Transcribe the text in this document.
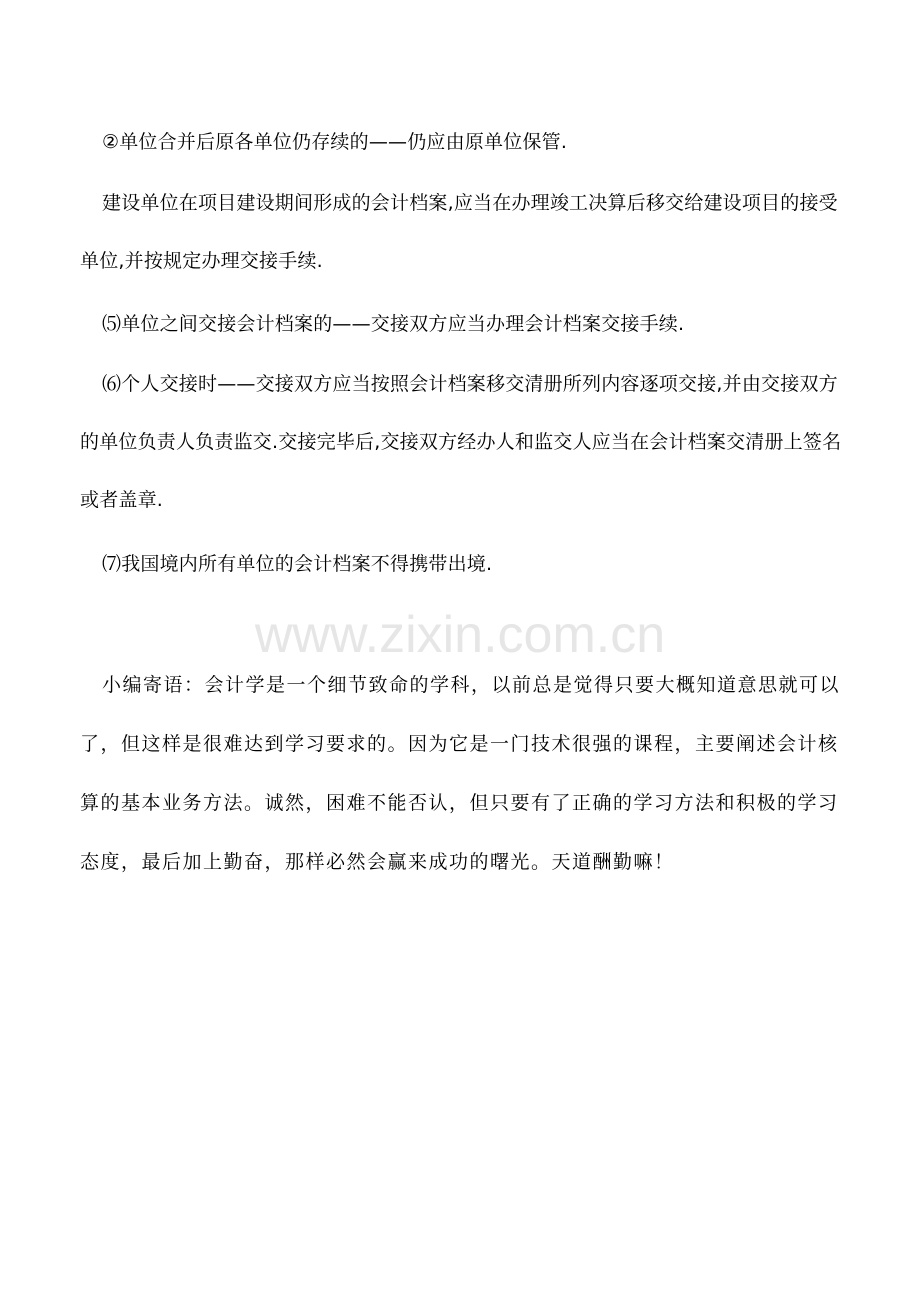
②单位合并后原各单位仍存续的——仍应由原单位保管.

建设单位在项目建设期间形成的会计档案,应当在办理竣工决算后移交给建设项目的接受单位,并按规定办理交接手续.

⑸单位之间交接会计档案的——交接双方应当办理会计档案交接手续.

⑹个人交接时——交接双方应当按照会计档案移交清册所列内容逐项交接,并由交接双方的单位负责人负责监交.交接完毕后,交接双方经办人和监交人应当在会计档案交清册上签名或者盖章.

⑺我国境内所有单位的会计档案不得携带出境.

www.zixin.com.cn

小编寄语：会计学是一个细节致命的学科，以前总是觉得只要大概知道意思就可以了，但这样是很难达到学习要求的。因为它是一门技术很强的课程，主要阐述会计核算的基本业务方法。诚然，困难不能否认，但只要有了正确的学习方法和积极的学习态度，最后加上勤奋，那样必然会赢来成功的曙光。天道酬勤嘛！
